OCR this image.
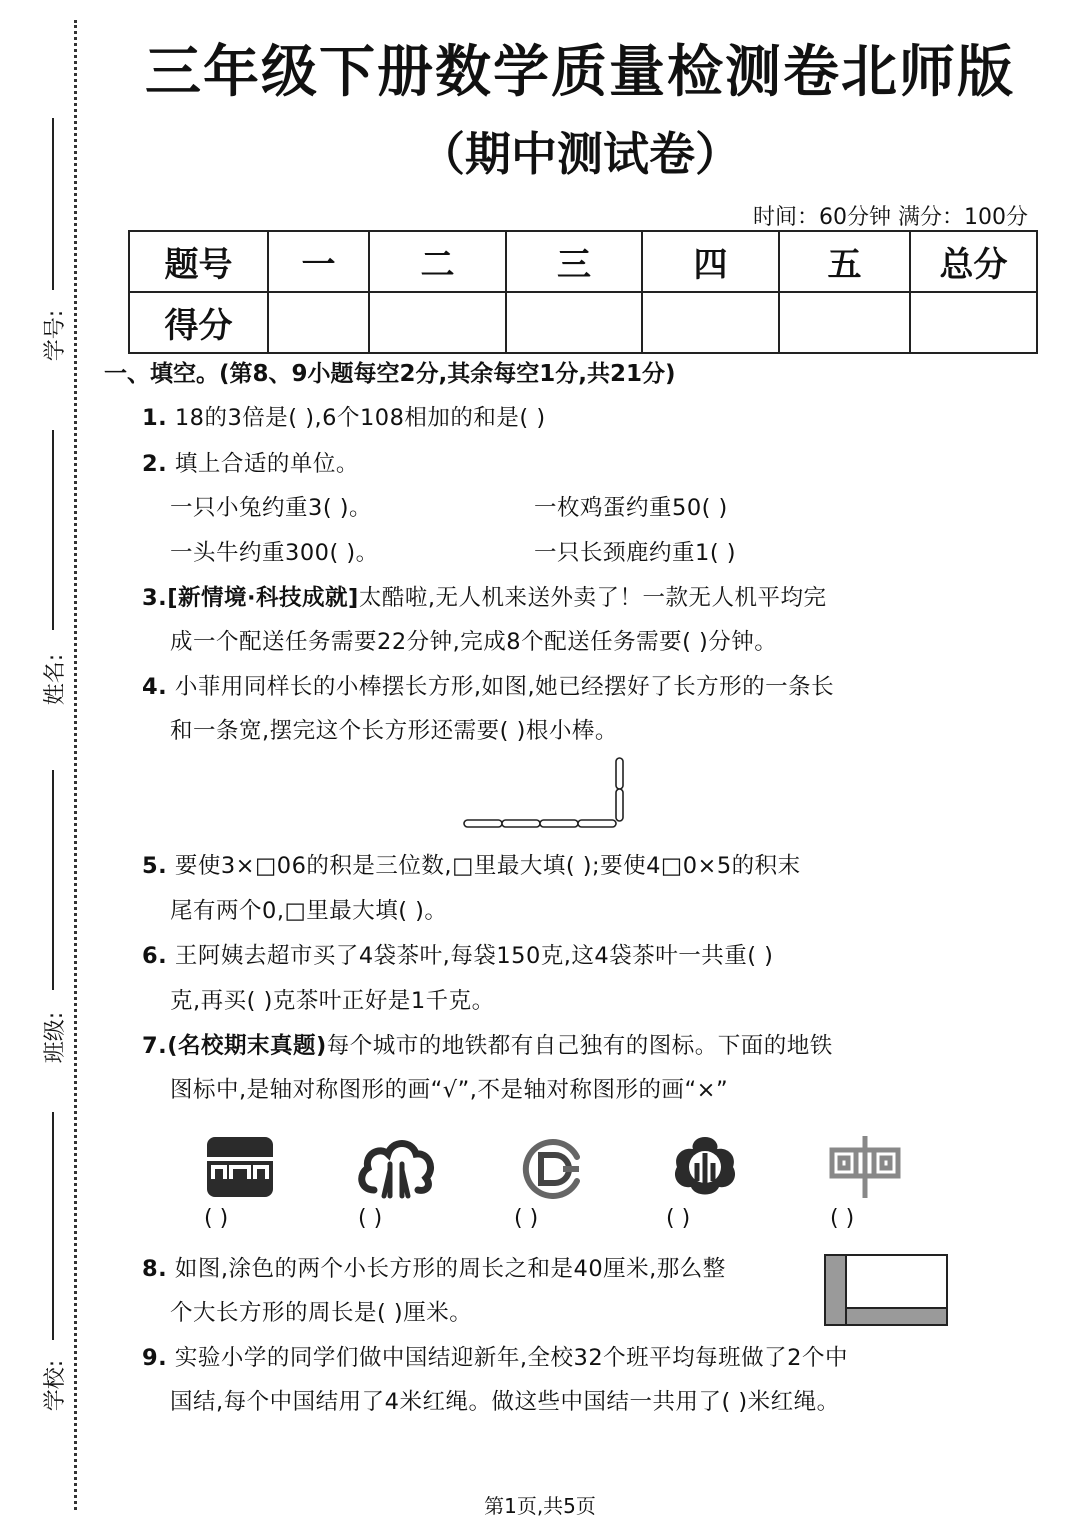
学号:
姓名:
班级:
学校:
三年级下册数学质量检测卷北师版
（期中测试卷）
时间：60分钟 满分：100分
题号	一	二	三	四	五	总分
得分						
一、填空。(第8、9小题每空2分,其余每空1分,共21分)
1. 18的3倍是( ),6个108相加的和是( )
2. 填上合适的单位。
一只小兔约重3( )。	一枚鸡蛋约重50( )
一头牛约重300( )。	一只长颈鹿约重1( )
3.[新情境·科技成就]太酷啦,无人机来送外卖了！一款无人机平均完
成一个配送任务需要22分钟,完成8个配送任务需要( )分钟。
4. 小菲用同样长的小棒摆长方形,如图,她已经摆好了长方形的一条长
和一条宽,摆完这个长方形还需要( )根小棒。
5. 要使3×□06的积是三位数,□里最大填( );要使4□0×5的积末
尾有两个0,□里最大填( )。
6. 王阿姨去超市买了4袋茶叶,每袋150克,这4袋茶叶一共重( )
克,再买( )克茶叶正好是1千克。
7.(名校期末真题)每个城市的地铁都有自己独有的图标。下面的地铁
图标中,是轴对称图形的画“√”,不是轴对称图形的画“×”
( )	( )	( )	( )	( )
8. 如图,涂色的两个小长方形的周长之和是40厘米,那么整
个大长方形的周长是( )厘米。
9. 实验小学的同学们做中国结迎新年,全校32个班平均每班做了2个中
国结,每个中国结用了4米红绳。做这些中国结一共用了( )米红绳。
第1页,共5页
